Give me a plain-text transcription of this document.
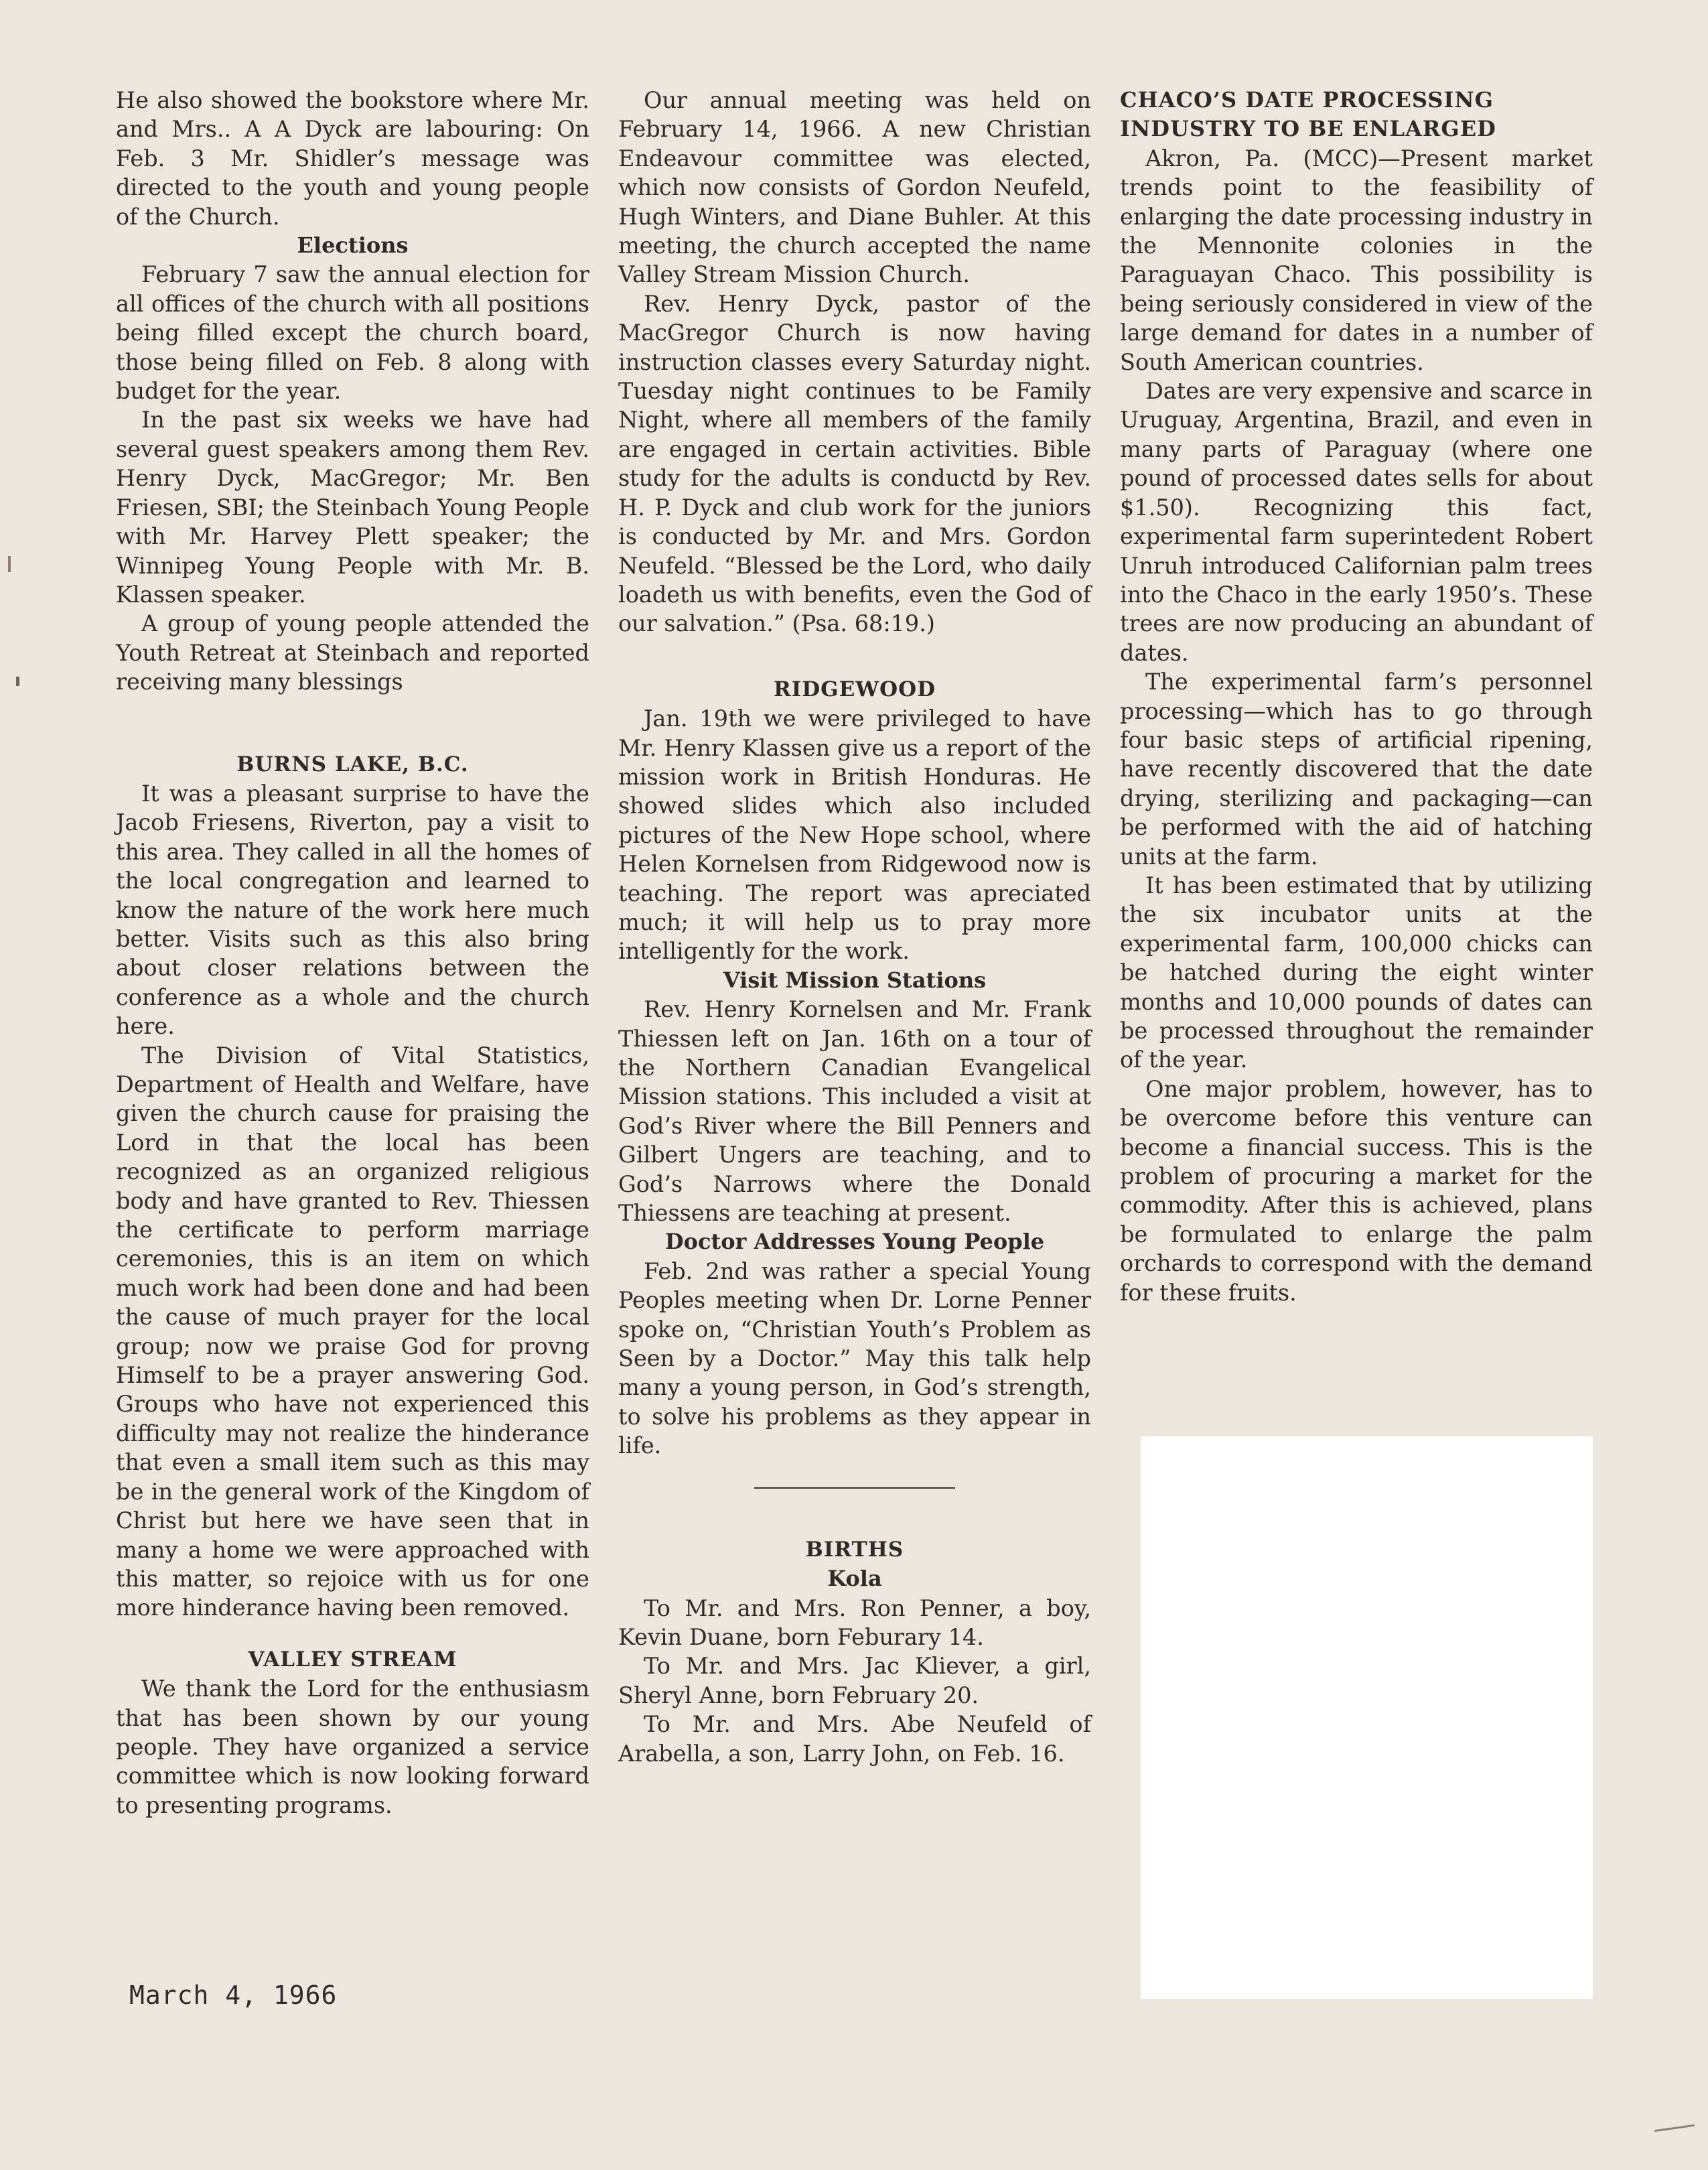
He also showed the bookstore where Mr. and Mrs.. A A Dyck are labouring: On Feb. 3 Mr. Shidler’s message was directed to the youth and young people of the Church.

Elections

February 7 saw the annual election for all offices of the church with all positions being filled except the church board, those being filled on Feb. 8 along with budget for the year.

In the past six weeks we have had several guest speakers among them Rev. Henry Dyck, MacGregor; Mr. Ben Friesen, SBI; the Steinbach Young People with Mr. Harvey Plett speaker; the Winnipeg Young People with Mr. B. Klassen speaker.

A group of young people attended the Youth Retreat at Steinbach and reported receiving many blessings

BURNS LAKE, B.C.

It was a pleasant surprise to have the Jacob Friesens, Riverton, pay a visit to this area. They called in all the homes of the local congregation and learned to know the nature of the work here much better. Visits such as this also bring about closer relations between the conference as a whole and the church here.

The Division of Vital Statistics, Department of Health and Welfare, have given the church cause for praising the Lord in that the local has been recognized as an organized religious body and have granted to Rev. Thiessen the certificate to perform marriage ceremonies, this is an item on which much work had been done and had been the cause of much prayer for the local group; now we praise God for provng Himself to be a prayer answering God. Groups who have not experienced this difficulty may not realize the hinderance that even a small item such as this may be in the general work of the Kingdom of Christ but here we have seen that in many a home we were approached with this matter, so rejoice with us for one more hinderance having been removed.

VALLEY STREAM

We thank the Lord for the enthusiasm that has been shown by our young people. They have organized a service committee which is now looking forward to presenting programs.

Our annual meeting was held on February 14, 1966. A new Christian Endeavour committee was elected, which now consists of Gordon Neufeld, Hugh Winters, and Diane Buhler. At this meeting, the church accepted the name Valley Stream Mission Church.

Rev. Henry Dyck, pastor of the MacGregor Church is now having instruction classes every Saturday night. Tuesday night continues to be Family Night, where all members of the family are engaged in certain activities. Bible study for the adults is conductd by Rev. H. P. Dyck and club work for the juniors is conducted by Mr. and Mrs. Gordon Neufeld. “Blessed be the Lord, who daily loadeth us with benefits, even the God of our salvation.” (Psa. 68:19.)

RIDGEWOOD

Jan. 19th we were privileged to have Mr. Henry Klassen give us a report of the mission work in British Honduras. He showed slides which also included pictures of the New Hope school, where Helen Kornelsen from Ridgewood now is teaching. The report was apreciated much; it will help us to pray more intelligently for the work.

Visit Mission Stations

Rev. Henry Kornelsen and Mr. Frank Thiessen left on Jan. 16th on a tour of the Northern Canadian Evangelical Mission stations. This included a visit at God’s River where the Bill Penners and Gilbert Ungers are teaching, and to God’s Narrows where the Donald Thiessens are teaching at present.

Doctor Addresses Young People

Feb. 2nd was rather a special Young Peoples meeting when Dr. Lorne Penner spoke on, “Christian Youth’s Problem as Seen by a Doctor.” May this talk help many a young person, in God’s strength, to solve his problems as they appear in life.

BIRTHS
Kola

To Mr. and Mrs. Ron Penner, a boy, Kevin Duane, born Feburary 14.

To Mr. and Mrs. Jac Kliever, a girl, Sheryl Anne, born February 20.

To Mr. and Mrs. Abe Neufeld of Arabella, a son, Larry John, on Feb. 16.

CHACO’S DATE PROCESSING
INDUSTRY TO BE ENLARGED

Akron, Pa. (MCC)—Present market trends point to the feasibility of enlarging the date processing industry in the Mennonite colonies in the Paraguayan Chaco. This possibility is being seriously considered in view of the large demand for dates in a number of South American countries.

Dates are very expensive and scarce in Uruguay, Argentina, Brazil, and even in many parts of Paraguay (where one pound of processed dates sells for about $1.50). Recognizing this fact, experimental farm superintedent Robert Unruh introduced Californian palm trees into the Chaco in the early 1950’s. These trees are now producing an abundant of dates.

The experimental farm’s personnel processing—which has to go through four basic steps of artificial ripening, have recently discovered that the date drying, sterilizing and packaging—can be performed with the aid of hatching units at the farm.

It has been estimated that by utilizing the six incubator units at the experimental farm, 100,000 chicks can be hatched during the eight winter months and 10,000 pounds of dates can be processed throughout the remainder of the year.

One major problem, however, has to be overcome before this venture can become a financial success. This is the problem of procuring a market for the commodity. After this is achieved, plans be formulated to enlarge the palm orchards to correspond with the demand for these fruits.

March 4, 1966
